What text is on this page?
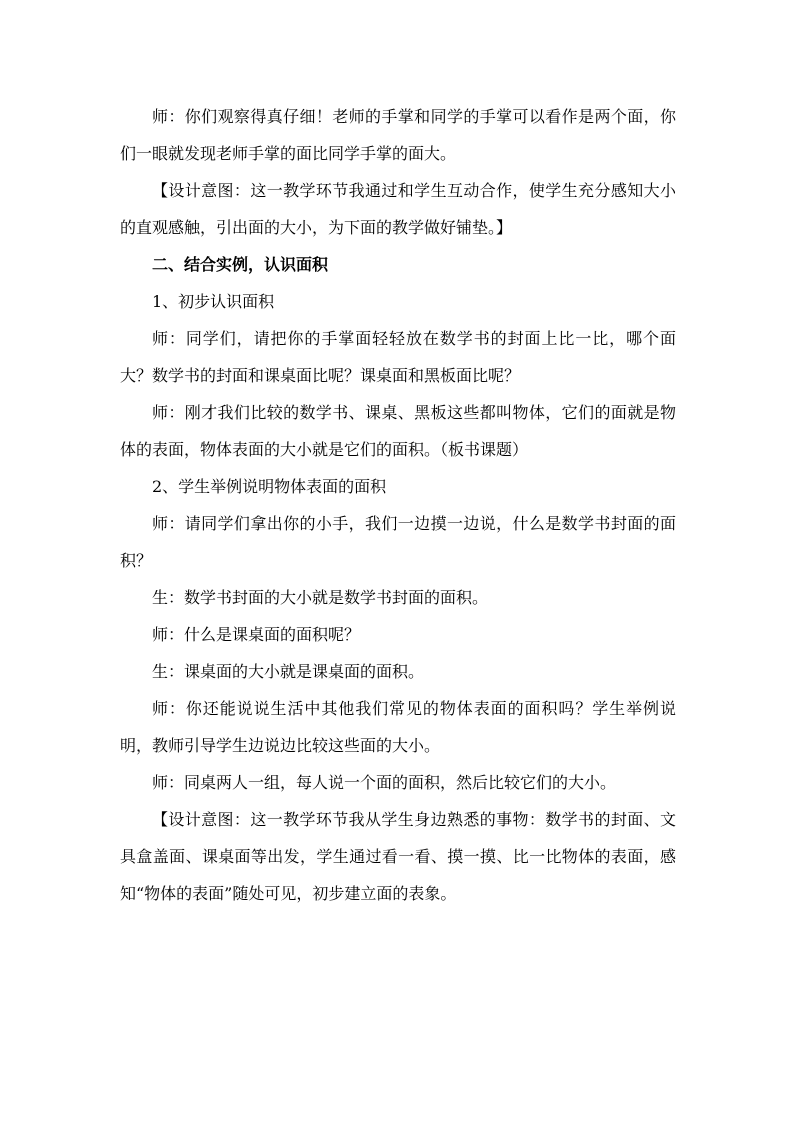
师：你们观察得真仔细！老师的手掌和同学的手掌可以看作是两个面，你们一眼就发现老师手掌的面比同学手掌的面大。

【设计意图：这一教学环节我通过和学生互动合作，使学生充分感知大小的直观感触，引出面的大小，为下面的教学做好铺垫。】

二、结合实例，认识面积

1、初步认识面积

师：同学们，请把你的手掌面轻轻放在数学书的封面上比一比，哪个面大？数学书的封面和课桌面比呢？课桌面和黑板面比呢？

师：刚才我们比较的数学书、课桌、黑板这些都叫物体，它们的面就是物体的表面，物体表面的大小就是它们的面积。（板书课题）

2、学生举例说明物体表面的面积

师：请同学们拿出你的小手，我们一边摸一边说，什么是数学书封面的面积？

生：数学书封面的大小就是数学书封面的面积。

师：什么是课桌面的面积呢？

生：课桌面的大小就是课桌面的面积。

师：你还能说说生活中其他我们常见的物体表面的面积吗？学生举例说明，教师引导学生边说边比较这些面的大小。

师：同桌两人一组，每人说一个面的面积，然后比较它们的大小。

【设计意图：这一教学环节我从学生身边熟悉的事物：数学书的封面、文具盒盖面、课桌面等出发，学生通过看一看、摸一摸、比一比物体的表面，感知“物体的表面”随处可见，初步建立面的表象。
